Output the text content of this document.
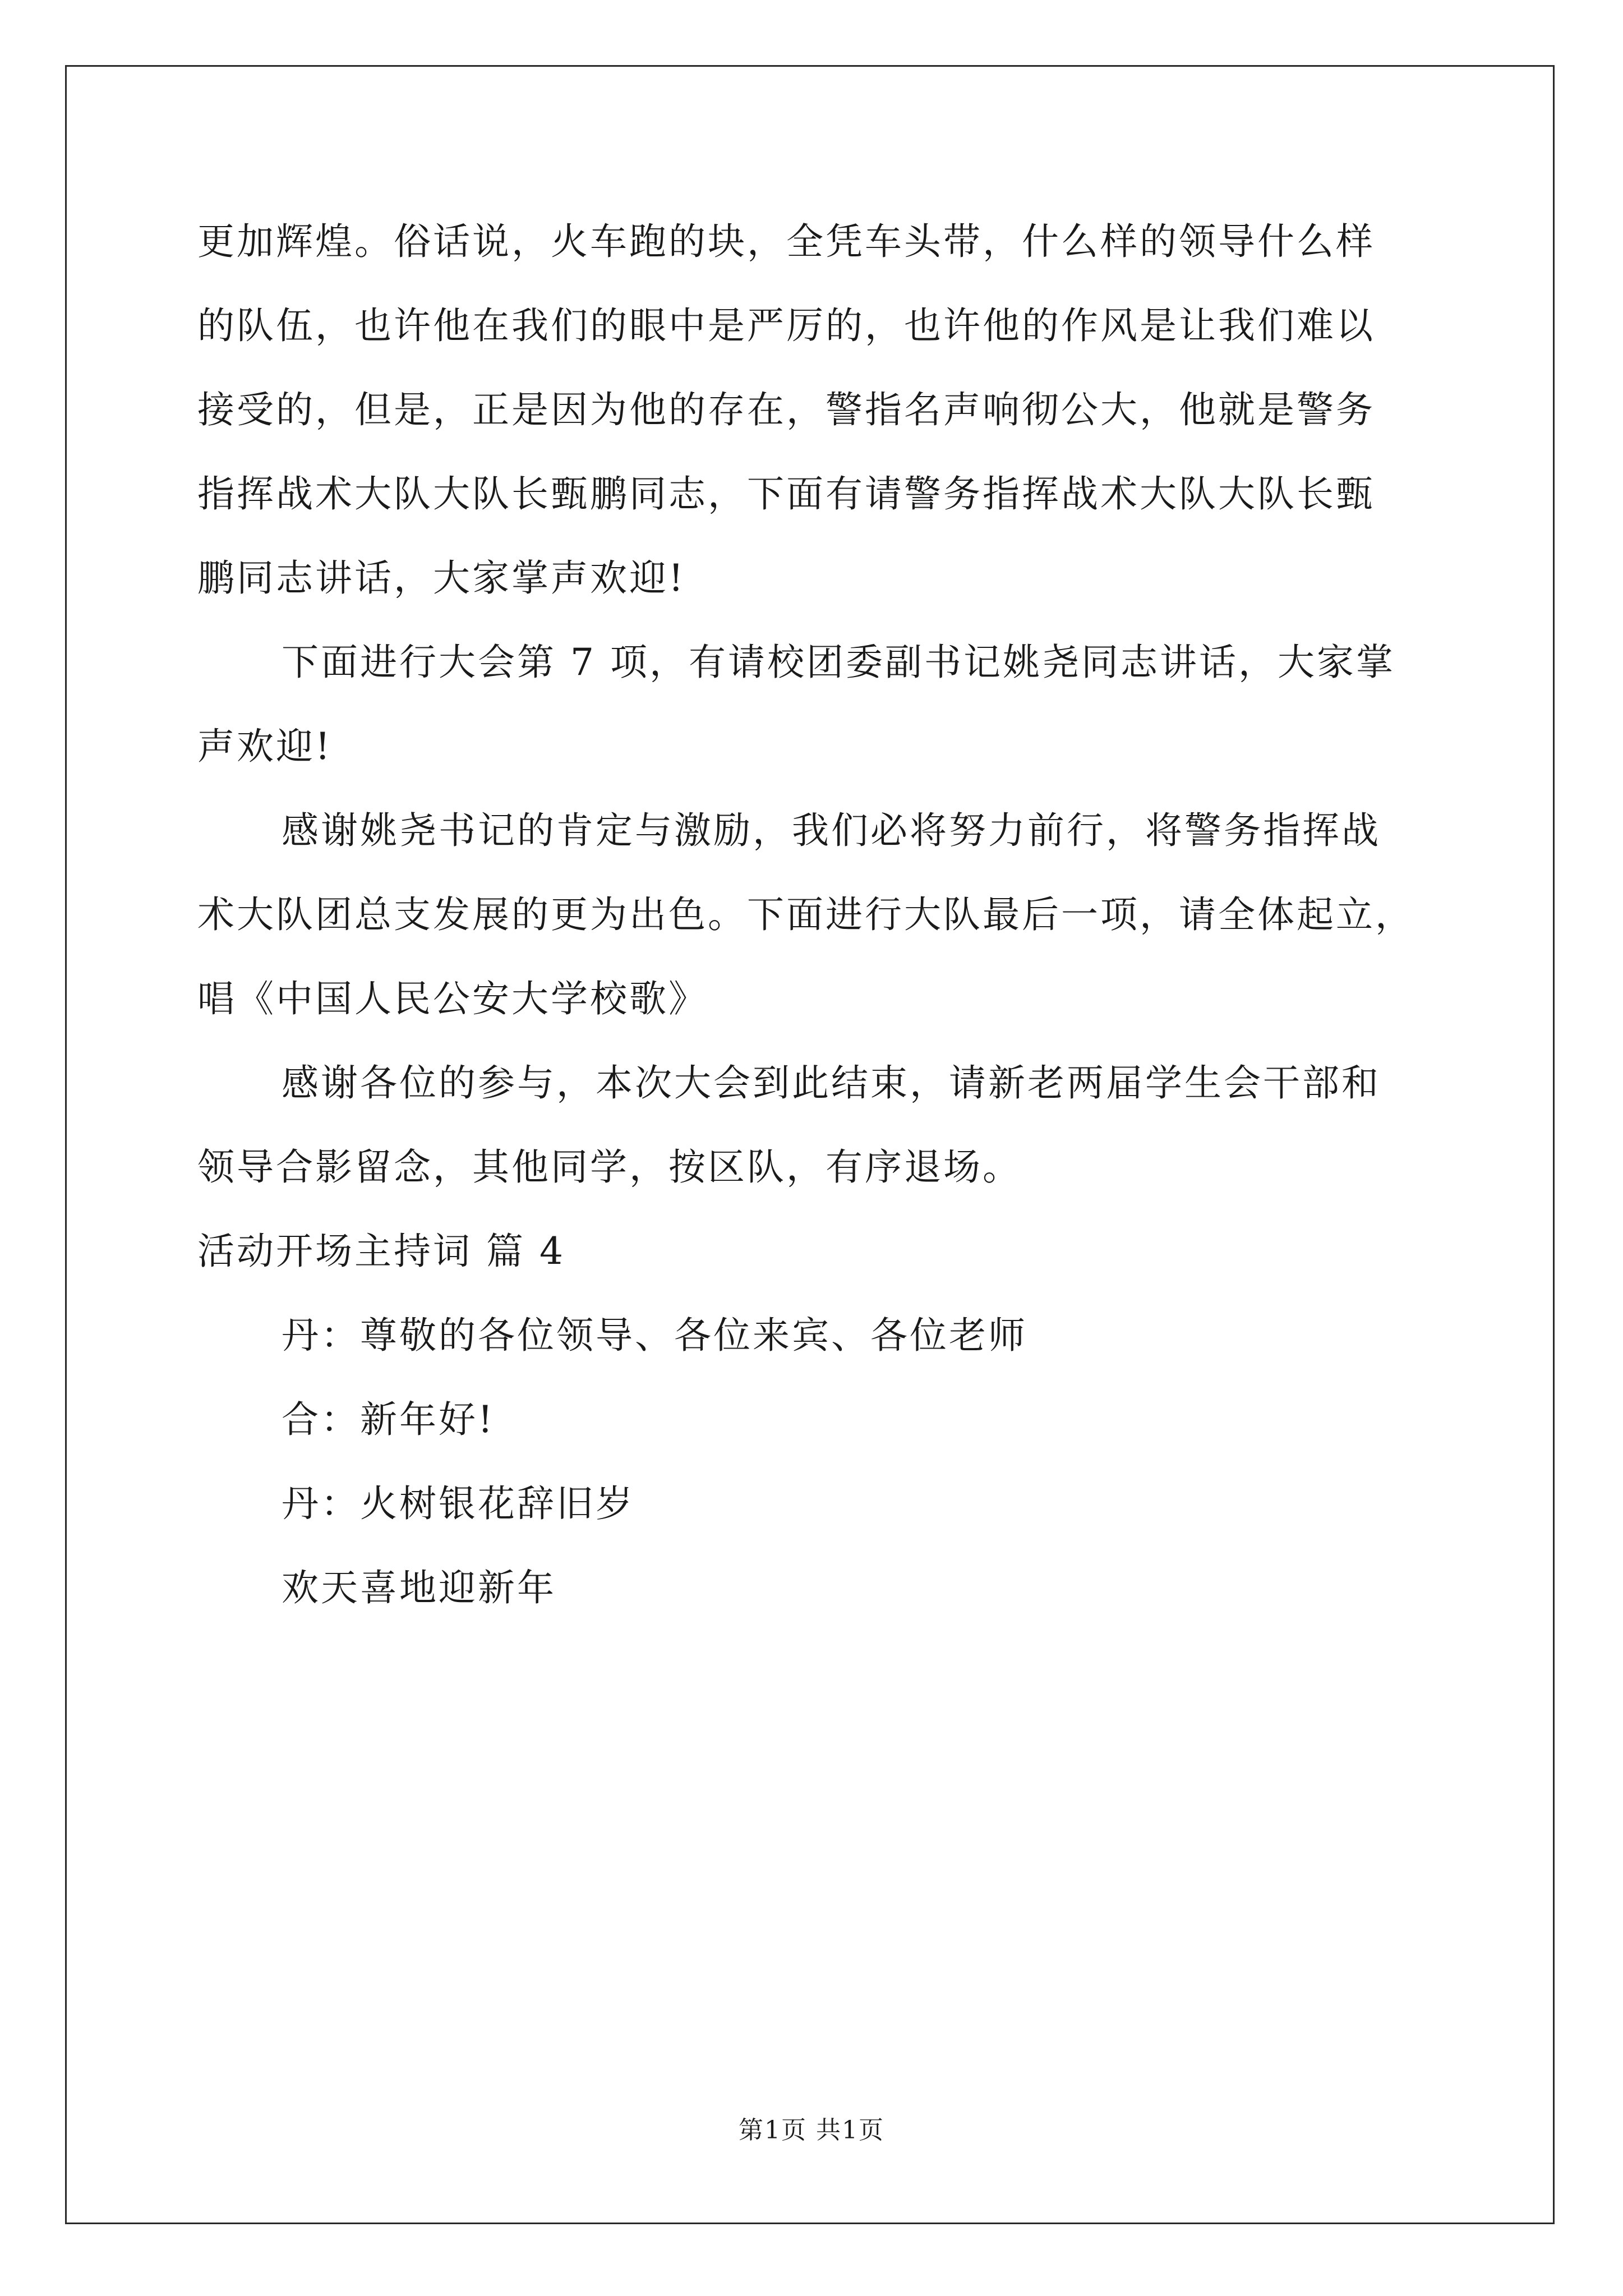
更加辉煌。俗话说，火车跑的块，全凭车头带，什么样的领导什么样
的队伍，也许他在我们的眼中是严厉的，也许他的作风是让我们难以
接受的，但是，正是因为他的存在，警指名声响彻公大，他就是警务
指挥战术大队大队长甄鹏同志，下面有请警务指挥战术大队大队长甄
鹏同志讲话，大家掌声欢迎!
下面进行大会第 7 项，有请校团委副书记姚尧同志讲话，大家掌
声欢迎!
感谢姚尧书记的肯定与激励，我们必将努力前行，将警务指挥战
术大队团总支发展的更为出色。下面进行大队最后一项，请全体起立，
唱《中国人民公安大学校歌》
感谢各位的参与，本次大会到此结束，请新老两届学生会干部和
领导合影留念，其他同学，按区队，有序退场。
活动开场主持词 篇 4
丹：尊敬的各位领导、各位来宾、各位老师
合：新年好!
丹：火树银花辞旧岁
欢天喜地迎新年
第1页 共1页
